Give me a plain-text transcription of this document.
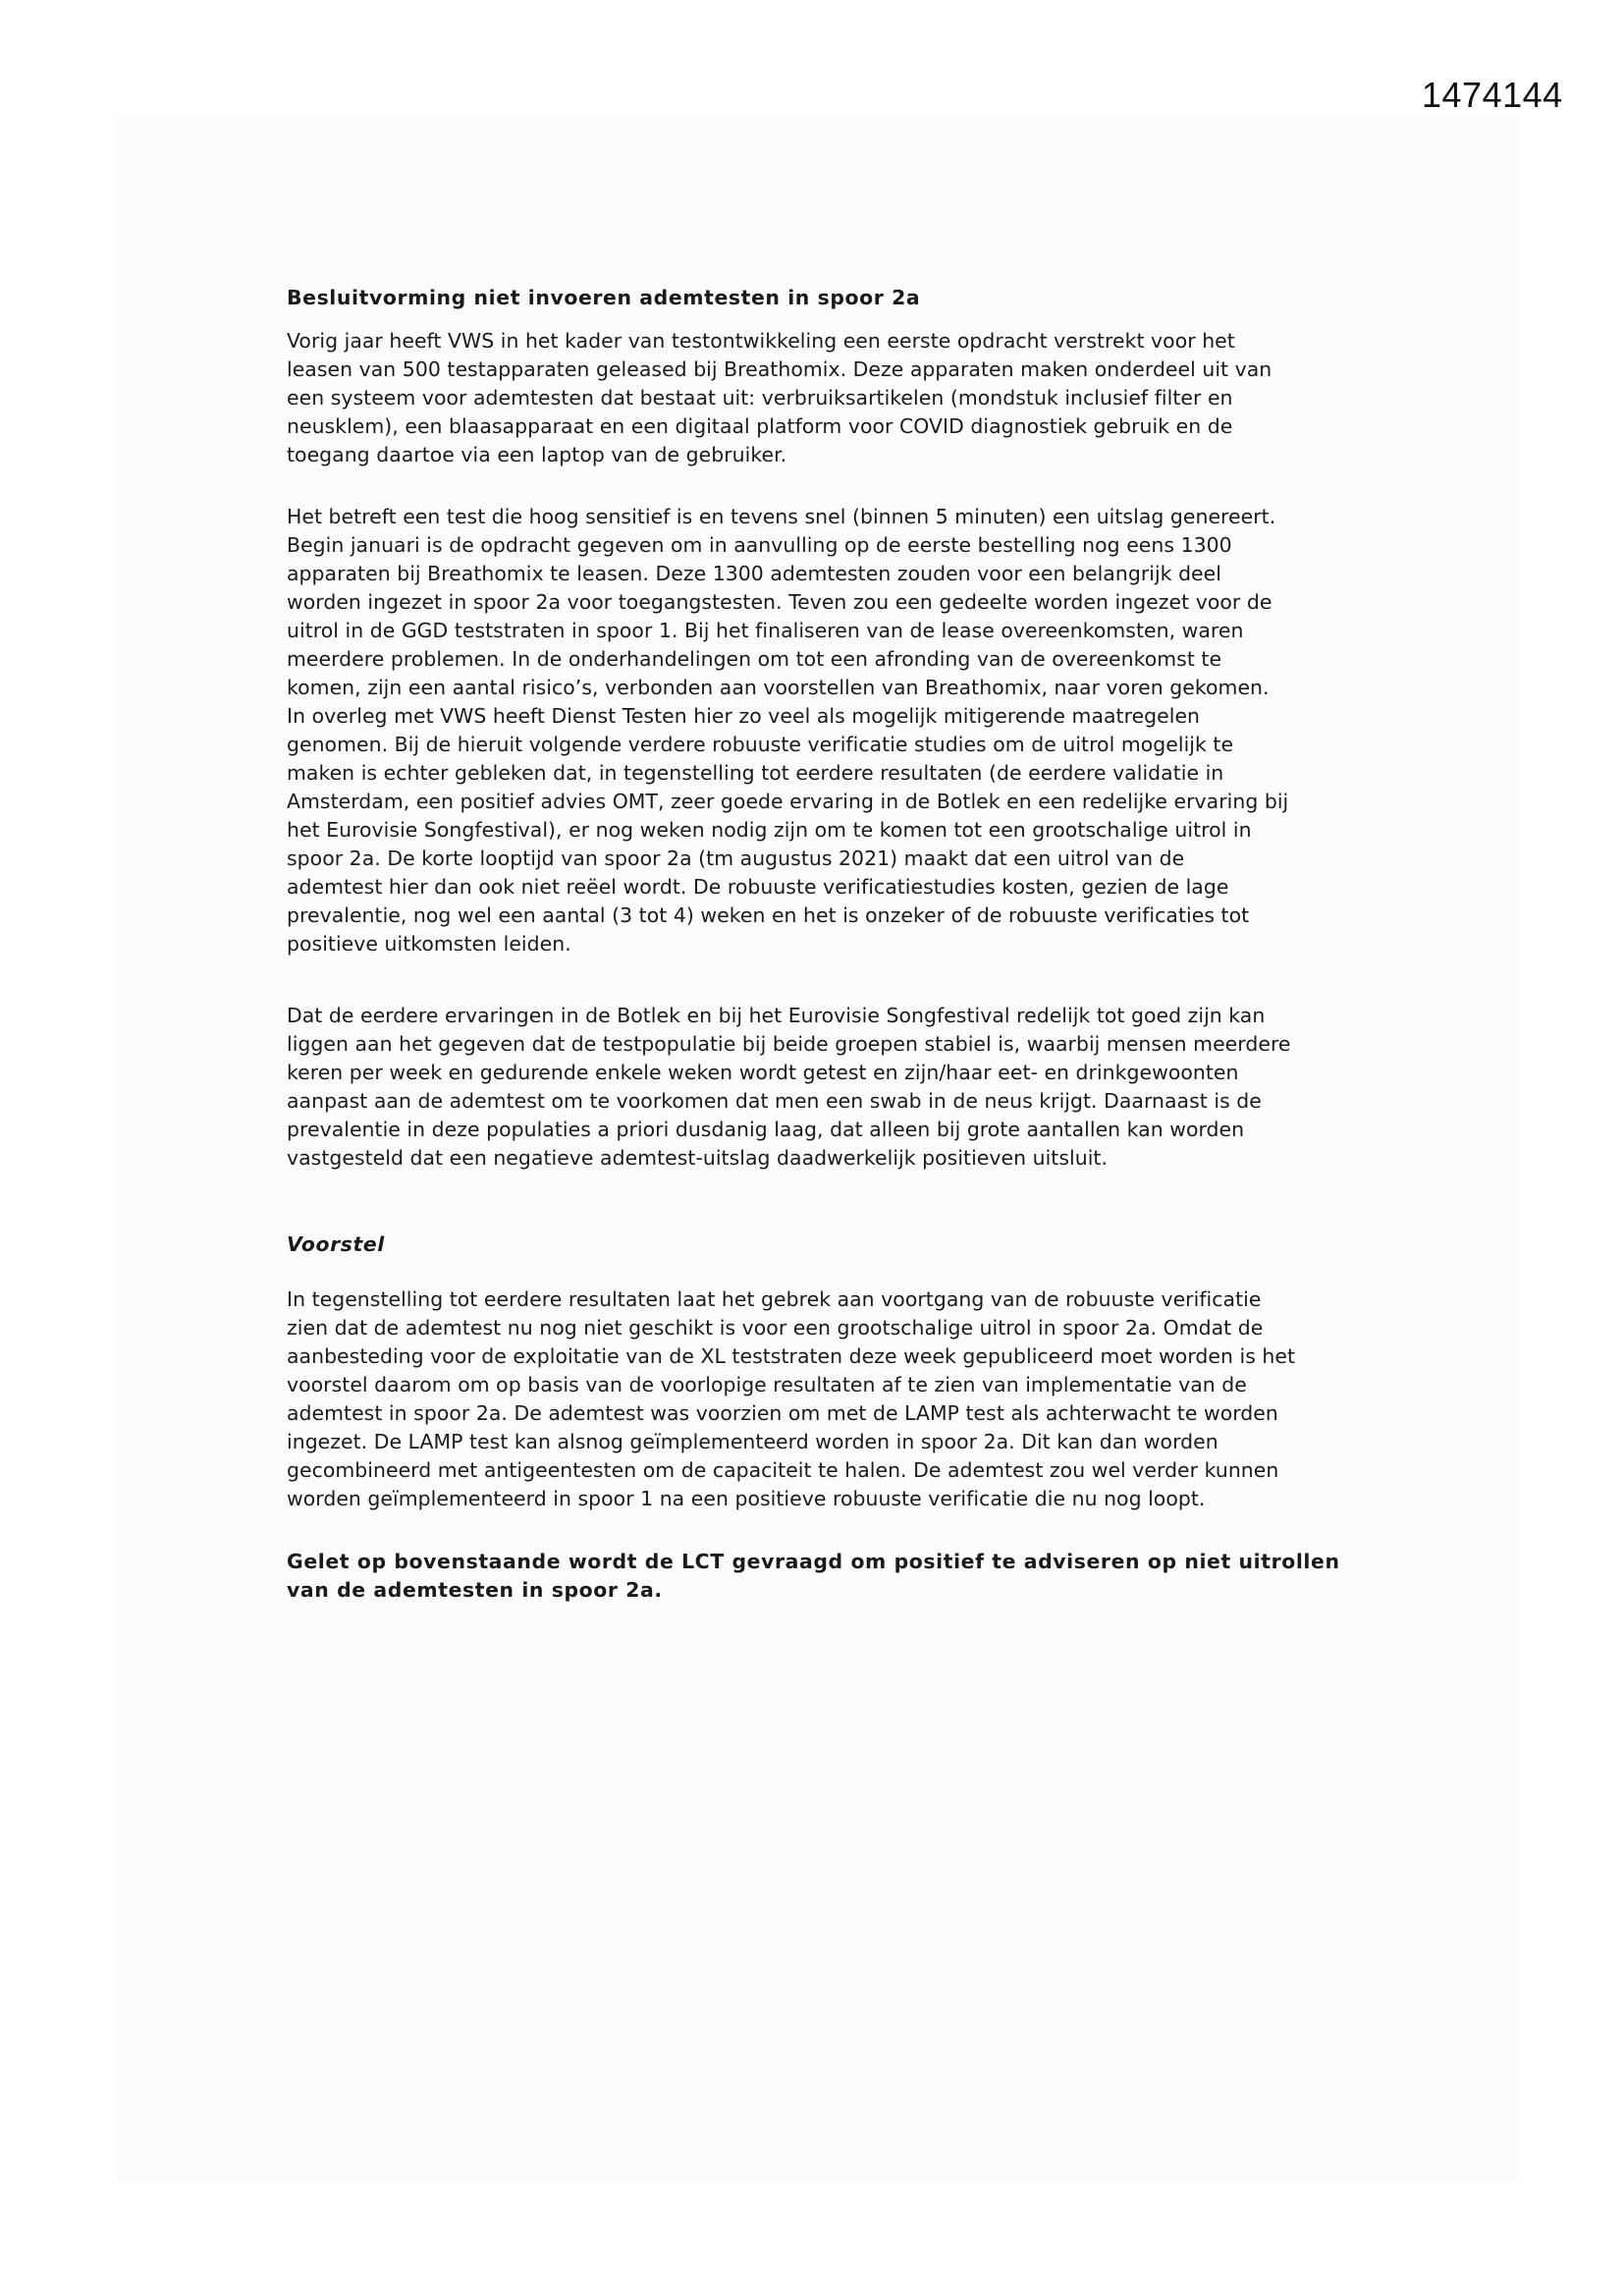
1474144
Besluitvorming niet invoeren ademtesten in spoor 2a
Vorig jaar heeft VWS in het kader van testontwikkeling een eerste opdracht verstrekt voor het
leasen van 500 testapparaten geleased bij Breathomix. Deze apparaten maken onderdeel uit van
een systeem voor ademtesten dat bestaat uit: verbruiksartikelen (mondstuk inclusief filter en
neusklem), een blaasapparaat en een digitaal platform voor COVID diagnostiek gebruik en de
toegang daartoe via een laptop van de gebruiker.
Het betreft een test die hoog sensitief is en tevens snel (binnen 5 minuten) een uitslag genereert.
Begin januari is de opdracht gegeven om in aanvulling op de eerste bestelling nog eens 1300
apparaten bij Breathomix te leasen. Deze 1300 ademtesten zouden voor een belangrijk deel
worden ingezet in spoor 2a voor toegangstesten. Teven zou een gedeelte worden ingezet voor de
uitrol in de GGD teststraten in spoor 1. Bij het finaliseren van de lease overeenkomsten, waren
meerdere problemen. In de onderhandelingen om tot een afronding van de overeenkomst te
komen, zijn een aantal risico’s, verbonden aan voorstellen van Breathomix, naar voren gekomen.
In overleg met VWS heeft Dienst Testen hier zo veel als mogelijk mitigerende maatregelen
genomen. Bij de hieruit volgende verdere robuuste verificatie studies om de uitrol mogelijk te
maken is echter gebleken dat, in tegenstelling tot eerdere resultaten (de eerdere validatie in
Amsterdam, een positief advies OMT, zeer goede ervaring in de Botlek en een redelijke ervaring bij
het Eurovisie Songfestival), er nog weken nodig zijn om te komen tot een grootschalige uitrol in
spoor 2a. De korte looptijd van spoor 2a (tm augustus 2021) maakt dat een uitrol van de
ademtest hier dan ook niet reëel wordt. De robuuste verificatiestudies kosten, gezien de lage
prevalentie, nog wel een aantal (3 tot 4) weken en het is onzeker of de robuuste verificaties tot
positieve uitkomsten leiden.
Dat de eerdere ervaringen in de Botlek en bij het Eurovisie Songfestival redelijk tot goed zijn kan
liggen aan het gegeven dat de testpopulatie bij beide groepen stabiel is, waarbij mensen meerdere
keren per week en gedurende enkele weken wordt getest en zijn/haar eet- en drinkgewoonten
aanpast aan de ademtest om te voorkomen dat men een swab in de neus krijgt. Daarnaast is de
prevalentie in deze populaties a priori dusdanig laag, dat alleen bij grote aantallen kan worden
vastgesteld dat een negatieve ademtest-uitslag daadwerkelijk positieven uitsluit.
Voorstel
In tegenstelling tot eerdere resultaten laat het gebrek aan voortgang van de robuuste verificatie
zien dat de ademtest nu nog niet geschikt is voor een grootschalige uitrol in spoor 2a. Omdat de
aanbesteding voor de exploitatie van de XL teststraten deze week gepubliceerd moet worden is het
voorstel daarom om op basis van de voorlopige resultaten af te zien van implementatie van de
ademtest in spoor 2a. De ademtest was voorzien om met de LAMP test als achterwacht te worden
ingezet. De LAMP test kan alsnog geïmplementeerd worden in spoor 2a. Dit kan dan worden
gecombineerd met antigeentesten om de capaciteit te halen. De ademtest zou wel verder kunnen
worden geïmplementeerd in spoor 1 na een positieve robuuste verificatie die nu nog loopt.
Gelet op bovenstaande wordt de LCT gevraagd om positief te adviseren op niet uitrollen
van de ademtesten in spoor 2a.
